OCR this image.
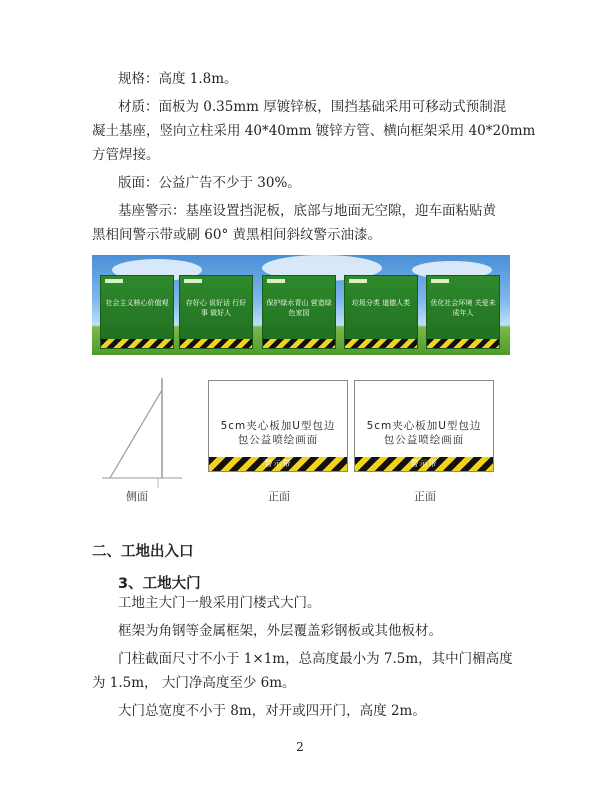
规格：高度 1.8m。

材质：面板为 0.35mm 厚镀锌板，围挡基础采用可移动式预制混

凝土基座，竖向立柱采用 40*40mm 镀锌方管、横向框架采用 40*20mm

方管焊接。

版面：公益广告不少于 30%。

基座警示：基座设置挡泥板，底部与地面无空隙，迎车面粘贴黄

黑相间警示带或刷 60° 黄黑相间斜纹警示油漆。

社会主义核心价值观	存好心 说好话 行好事 做好人
保护绿水青山 营造绿色家园
垃圾分类 道德人类	优化社会环境 关爱未成年人
5cm夹心板加U型包边包公益喷绘画面
警示带
5cm夹心板加U型包边包公益喷绘画面
警示带
侧面	正面	正面
二、工地出入口
3、工地大门

工地主大门一般采用门楼式大门。

框架为角钢等金属框架，外层覆盖彩钢板或其他板材。

门柱截面尺寸不小于 1×1m，总高度最小为 7.5m，其中门楣高度

为 1.5m， 大门净高度至少 6m。

大门总宽度不小于 8m，对开或四开门，高度 2m。

2
